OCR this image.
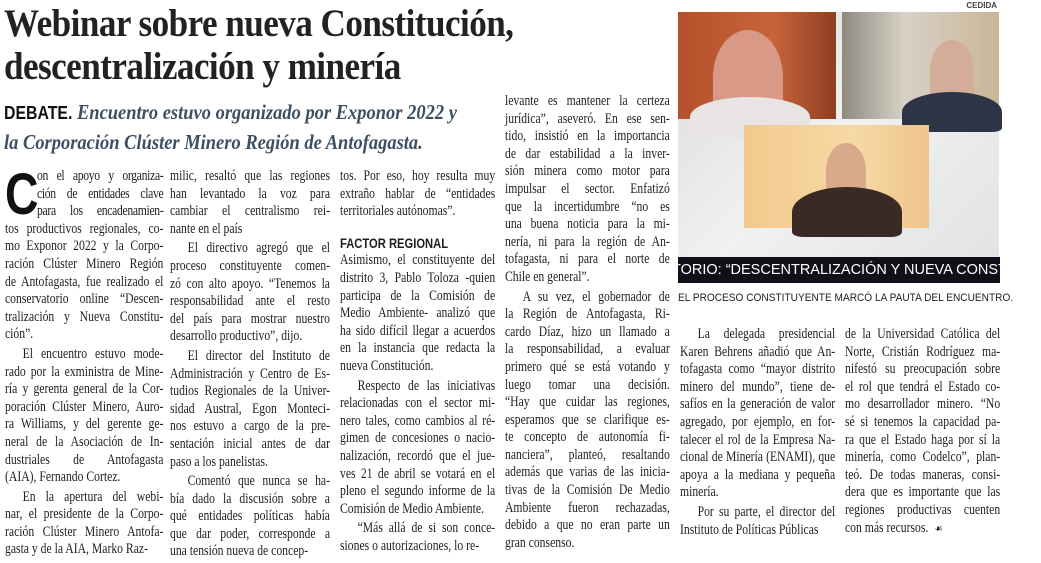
Webinar sobre nueva Constitución,
descentralización y minería
DEBATE. Encuentro estuvo organizado por Exponor 2022 y
la Corporación Clúster Minero Región de Antofagasta.
C
on el apoyo y organiza-
ción de entidades clave
para los encadenamien-
tos productivos regionales, co-
mo Exponor 2022 y la Corpo-
ración Clúster Minero Región
de Antofagasta, fue realizado el
conservatorio online “Descen-
tralización y Nueva Constitu-
ción”.
El encuentro estuvo mode-
rado por la exministra de Mine-
ría y gerenta general de la Cor-
poración Clúster Minero, Auro-
ra Williams, y del gerente ge-
neral de la Asociación de In-
dustriales de Antofagasta
(AIA), Fernando Cortez.
En la apertura del webi-
nar, el presidente de la Corpo-
ración Clúster Minero Antofa-
gasta y de la AIA, Marko Raz-
milic, resaltó que las regiones
han levantado la voz para
cambiar el centralismo rei-
nante en el país
El directivo agregó que el
proceso constituyente comen-
zó con alto apoyo. “Tenemos la
responsabilidad ante el resto
del país para mostrar nuestro
desarrollo productivo”, dijo.
El director del Instituto de
Administración y Centro de Es-
tudios Regionales de la Univer-
sidad Austral, Egon Monteci-
nos estuvo a cargo de la pre-
sentación inicial antes de dar
paso a los panelistas.
Comentó que nunca se ha-
bía dado la discusión sobre a
qué entidades políticas había
que dar poder, corresponde a
una tensión nueva de concep-
tos. Por eso, hoy resulta muy
extraño hablar de “entidades
territoriales autónomas”.
FACTOR REGIONAL
Asimismo, el constituyente del
distrito 3, Pablo Toloza -quien
participa de la Comisión de
Medio Ambiente- analizó que
ha sido difícil llegar a acuerdos
en la instancia que redacta la
nueva Constitución.
Respecto de las iniciativas
relacionadas con el sector mi-
nero tales, como cambios al ré-
gimen de concesiones o nacio-
nalización, recordó que el jue-
ves 21 de abril se votará en el
pleno el segundo informe de la
Comisión de Medio Ambiente.
“Más allá de si son conce-
siones o autorizaciones, lo re-
levante es mantener la certeza
jurídica”, aseveró. En ese sen-
tido, insistió en la importancia
de dar estabilidad a la inver-
sión minera como motor para
impulsar el sector. Enfatizó
que la incertidumbre “no es
una buena noticia para la mi-
nería, ni para la región de An-
tofagasta, ni para el norte de
Chile en general”.
A su vez, el gobernador de
la Región de Antofagasta, Ri-
cardo Díaz, hizo un llamado a
la responsabilidad, a evaluar
primero qué se está votando y
luego tomar una decisión.
“Hay que cuidar las regiones,
esperamos que se clarifique es-
te concepto de autonomía fi-
nanciera”, planteó, resaltando
además que varias de las inicia-
tivas de la Comisión De Medio
Ambiente fueron rechazadas,
debido a que no eran parte un
gran consenso.
La delegada presidencial
Karen Behrens añadió que An-
tofagasta como “mayor distrito
minero del mundo”, tiene de-
safíos en la generación de valor
agregado, por ejemplo, en for-
talecer el rol de la Empresa Na-
cional de Minería (ENAMI), que
apoya a la mediana y pequeña
minería.
Por su parte, el director del
Instituto de Políticas Públicas
de la Universidad Católica del
Norte, Cristián Rodríguez ma-
nifestó su preocupación sobre
el rol que tendrá el Estado co-
mo desarrollador minero. “No
sé si tenemos la capacidad pa-
ra que el Estado haga por sí la
minería, como Codelco”, plan-
teó. De todas maneras, consi-
dera que es importante que las
regiones productivas cuenten
con más recursos. ☙
CEDIDA
TORIO: “DESCENTRALIZACIÓN Y NUEVA CONSTITUC
EL PROCESO CONSTITUYENTE MARCÓ LA PAUTA DEL ENCUENTRO.
